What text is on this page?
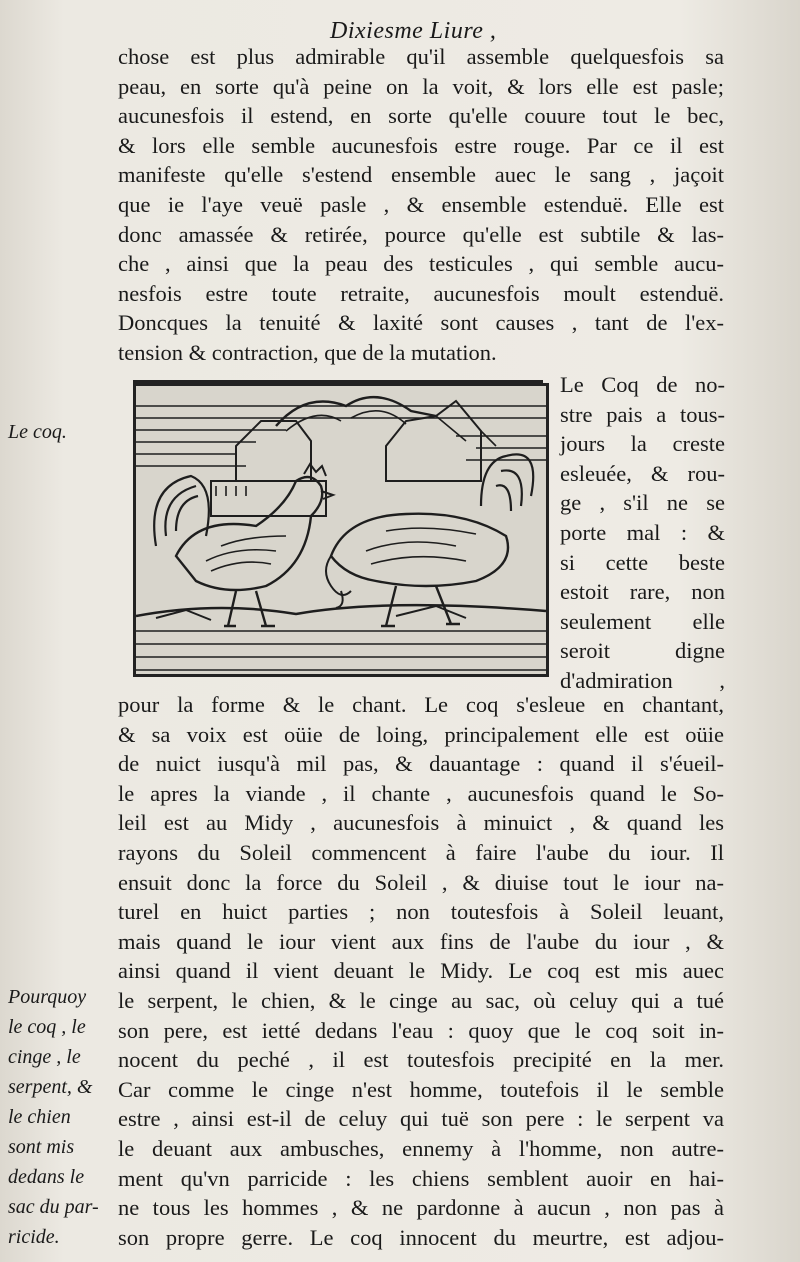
Dixiesme Liure ,
chose est plus admirable qu'il assemble quelquesfois sa
peau, en sorte qu'à peine on la voit, & lors elle est pasle;
aucunesfois il estend, en sorte qu'elle couure tout le bec,
& lors elle semble aucunesfois estre rouge. Par ce il est
manifeste qu'elle s'estend ensemble auec le sang , jaçoit
que ie l'aye veuë pasle , & ensemble estenduë. Elle est
donc amassée & retirée, pource qu'elle est subtile & las-
che , ainsi que la peau des testicules , qui semble aucu-
nesfois estre toute retraite, aucunesfois moult estenduë.
Doncques la tenuité & laxité sont causes , tant de l'ex-
tension & contraction, que de la mutation.
Le Coq de no-
stre pais a tous-
jours la creste
esleuée, & rou-
ge , s'il ne se
porte mal : &
si cette beste
estoit rare, non
seulement elle
seroit digne
d'admiration ,
pour la forme & le chant. Le coq s'esleue en chantant,
& sa voix est oüie de loing, principalement elle est oüie
de nuict iusqu'à mil pas, & dauantage : quand il s'éueil-
le apres la viande , il chante , aucunesfois quand le So-
leil est au Midy , aucunesfois à minuict , & quand les
rayons du Soleil commencent à faire l'aube du iour. Il
ensuit donc la force du Soleil , & diuise tout le iour na-
turel en huict parties ; non toutesfois à Soleil leuant,
mais quand le iour vient aux fins de l'aube du iour , &
ainsi quand il vient deuant le Midy. Le coq est mis auec
le serpent, le chien, & le cinge au sac, où celuy qui a tué
son pere, est ietté dedans l'eau : quoy que le coq soit in-
nocent du peché , il est toutesfois precipité en la mer.
Car comme le cinge n'est homme, toutefois il le semble
estre , ainsi est-il de celuy qui tuë son pere : le serpent va
le deuant aux ambusches, ennemy à l'homme, non autre-
ment qu'vn parricide : les chiens semblent auoir en hai-
ne tous les hommes , & ne pardonne à aucun , non pas à
son propre gerre. Le coq innocent du meurtre, est adjou-
Le coq.
Pourquoy
le coq , le
cinge , le
serpent, &
le chien
sont mis
dedans le
sac du par-
ricide.
